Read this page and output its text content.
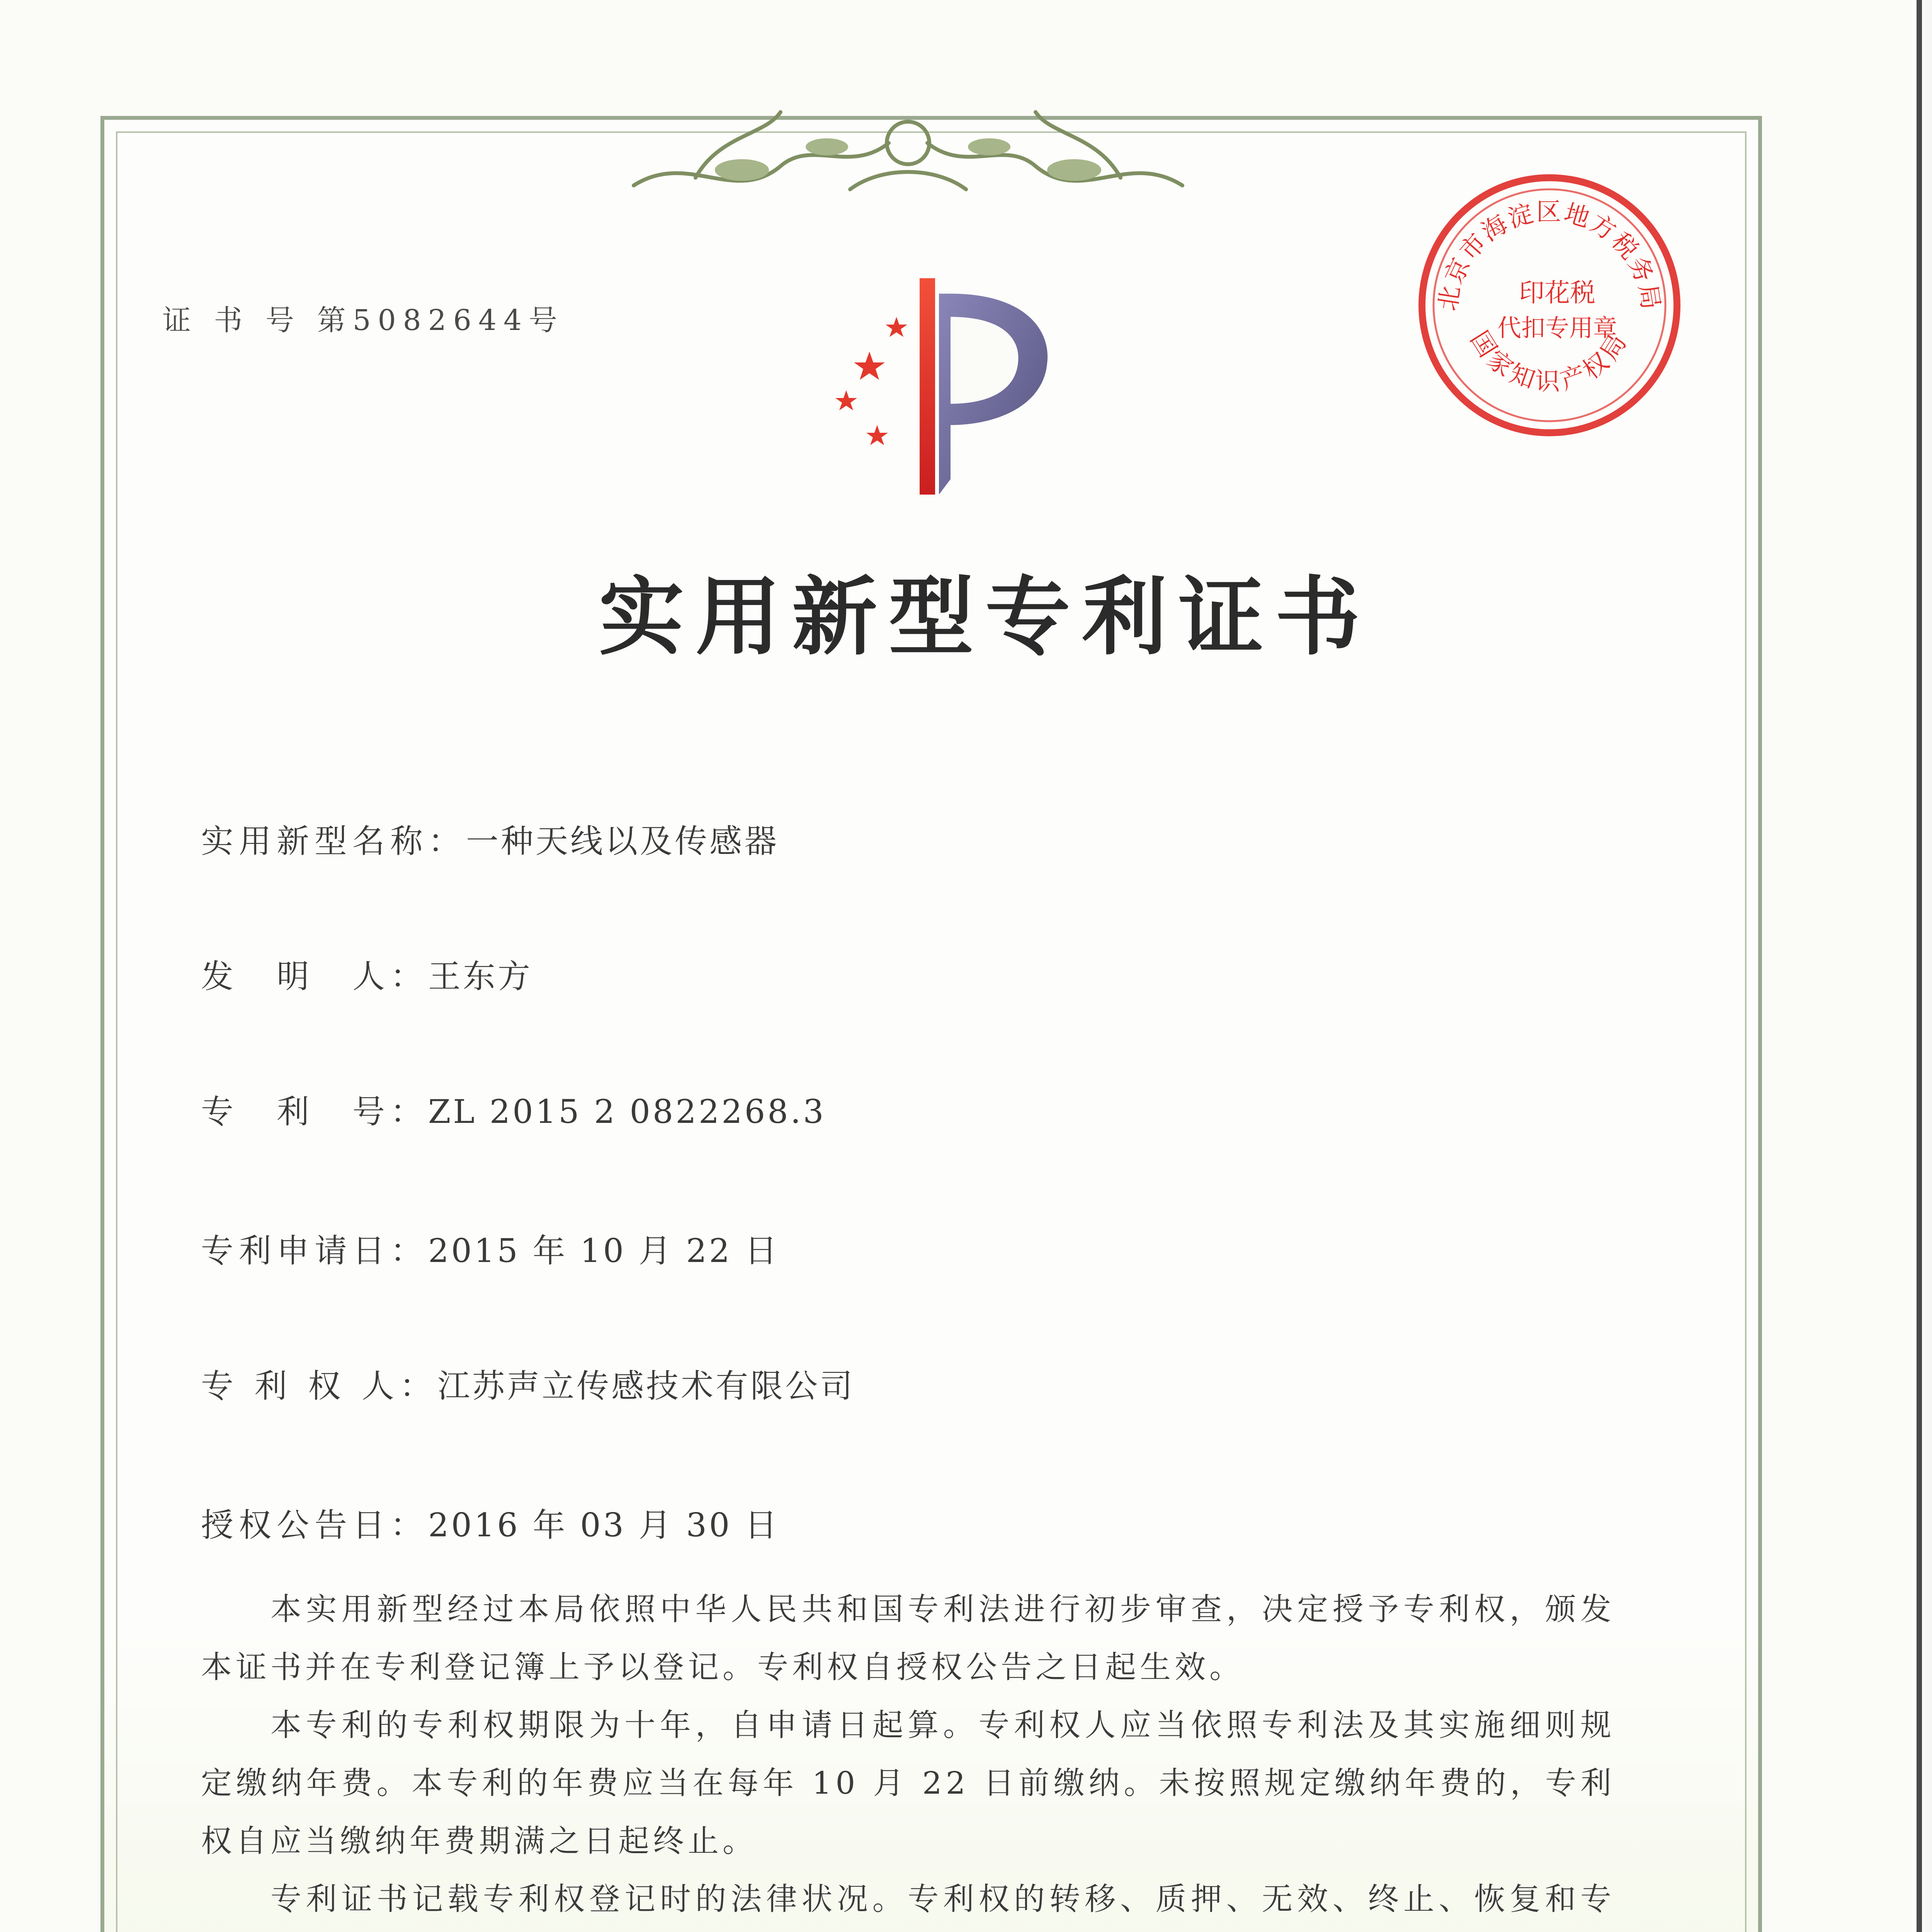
证 书 号 第5082644号
北京市海淀区地方税务局
印花税
代扣专用章
国家知识产权局
实用新型专利证书
实用新型名称：一种天线以及传感器
发　明　人：王东方
专　利　号：ZL 2015 2 0822268.3
专利申请日：2015 年 10 月 22 日
专 利 权 人：江苏声立传感技术有限公司
授权公告日：2016 年 03 月 30 日

本实用新型经过本局依照中华人民共和国专利法进行初步审查，决定授予专利权，颁发本证书并在专利登记簿上予以登记。专利权自授权公告之日起生效。

本专利的专利权期限为十年，自申请日起算。专利权人应当依照专利法及其实施细则规定缴纳年费。本专利的年费应当在每年 10 月 22 日前缴纳。未按照规定缴纳年费的，专利权自应当缴纳年费期满之日起终止。

专利证书记载专利权登记时的法律状况。专利权的转移、质押、无效、终止、恢复和专
